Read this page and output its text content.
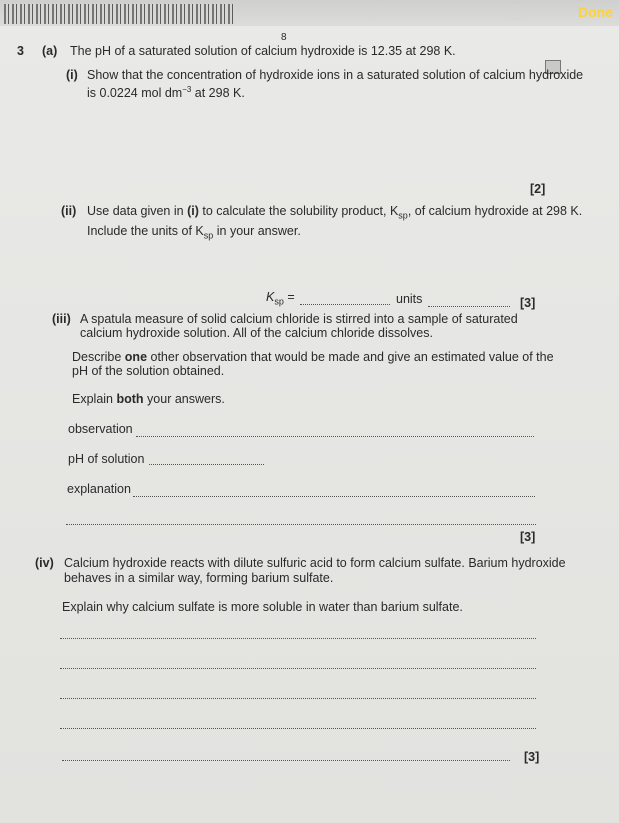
⌞⌝	⌕	▭ ◯	Done
8
3 (a) The pH of a saturated solution of calcium hydroxide is 12.35 at 298 K.
(i) Show that the concentration of hydroxide ions in a saturated solution of calcium hydroxide
is 0.0224 mol $dm^{-3}$ at 298 K.
[2]
(ii) Use data given in (i) to calculate the solubility product, $K_{sp}$, of calcium hydroxide at 298 K.
Include the units of $K_{sp}$ in your answer.
$K_{sp}$ =	units	[3]
(iii) A spatula measure of solid calcium chloride is stirred into a sample of saturated
calcium hydroxide solution. All of the calcium chloride dissolves.
Describe one other observation that would be made and give an estimated value of the
pH of the solution obtained.
Explain both your answers.
observation
pH of solution
explanation
[3]
(iv) Calcium hydroxide reacts with dilute sulfuric acid to form calcium sulfate. Barium hydroxide
behaves in a similar way, forming barium sulfate.
Explain why calcium sulfate is more soluble in water than barium sulfate.
[3]
